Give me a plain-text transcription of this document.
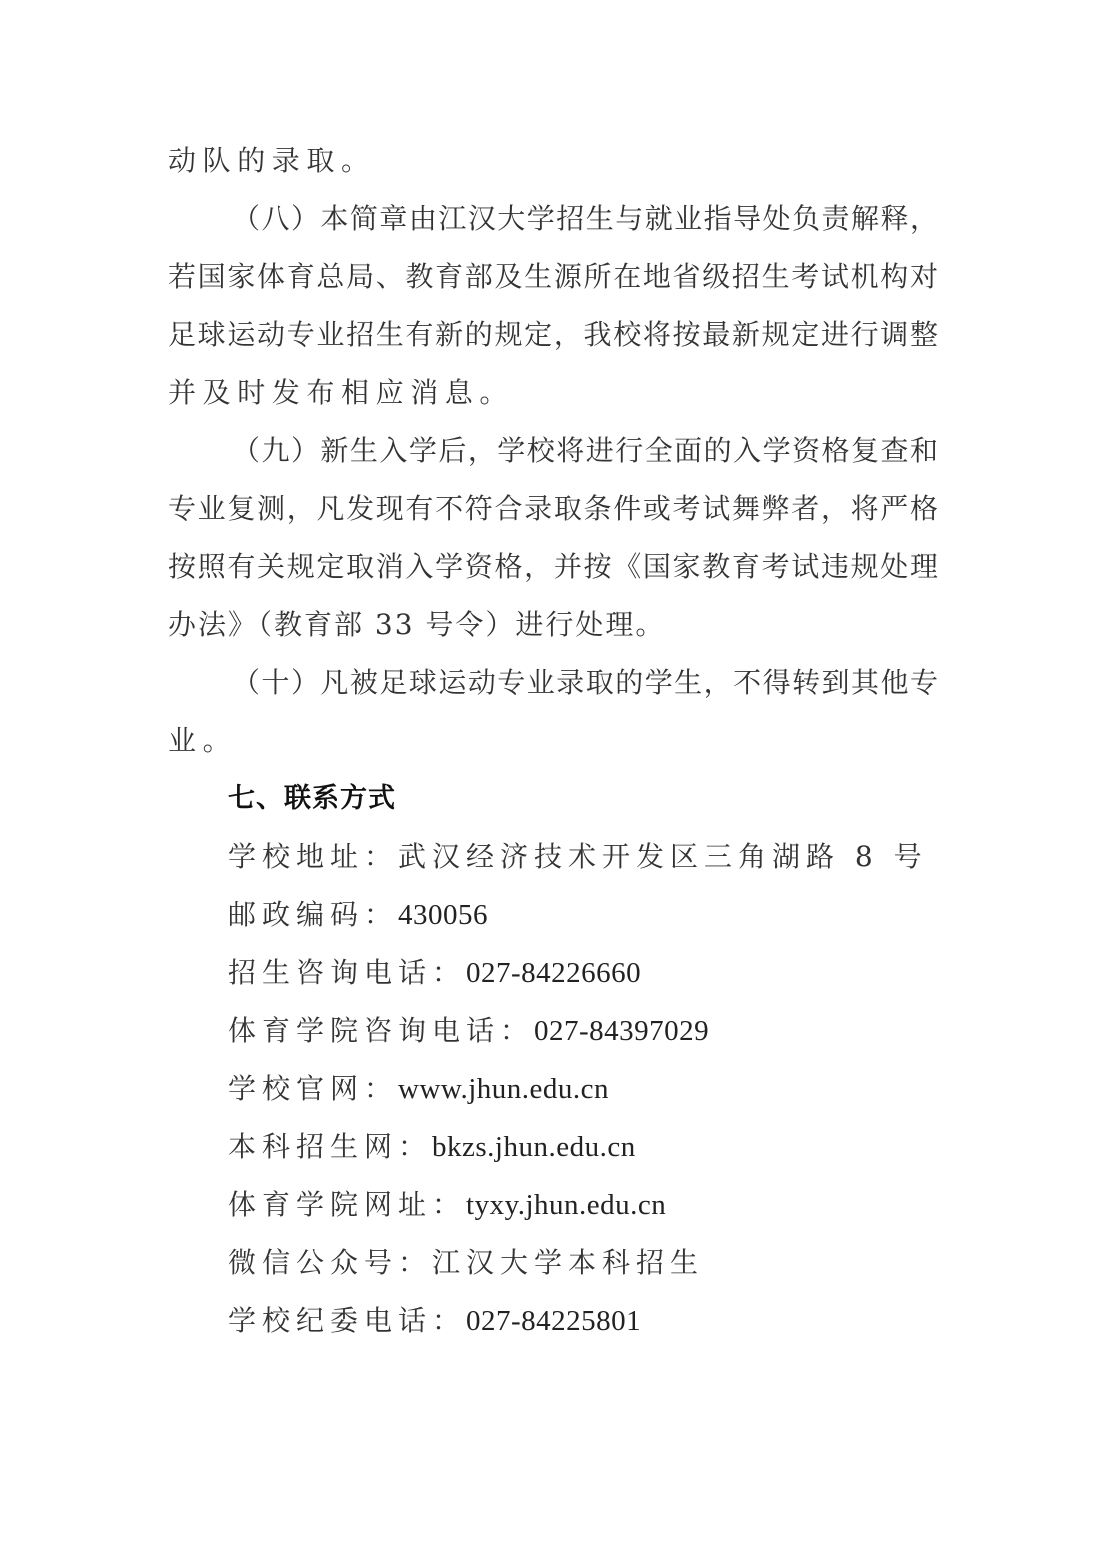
动队的录取。
（八）本简章由江汉大学招生与就业指导处负责解释，
若国家体育总局、教育部及生源所在地省级招生考试机构对
足球运动专业招生有新的规定，我校将按最新规定进行调整
并及时发布相应消息。
（九）新生入学后，学校将进行全面的入学资格复查和
专业复测，凡发现有不符合录取条件或考试舞弊者，将严格
按照有关规定取消入学资格，并按《国家教育考试违规处理
办法》（教育部 33 号令）进行处理。
（十）凡被足球运动专业录取的学生，不得转到其他专
业。
七、联系方式
学校地址：武汉经济技术开发区三角湖路 8 号
邮政编码：430056
招生咨询电话：027-84226660
体育学院咨询电话：027-84397029
学校官网：www.jhun.edu.cn
本科招生网：bkzs.jhun.edu.cn
体育学院网址：tyxy.jhun.edu.cn
微信公众号：江汉大学本科招生
学校纪委电话：027-84225801
